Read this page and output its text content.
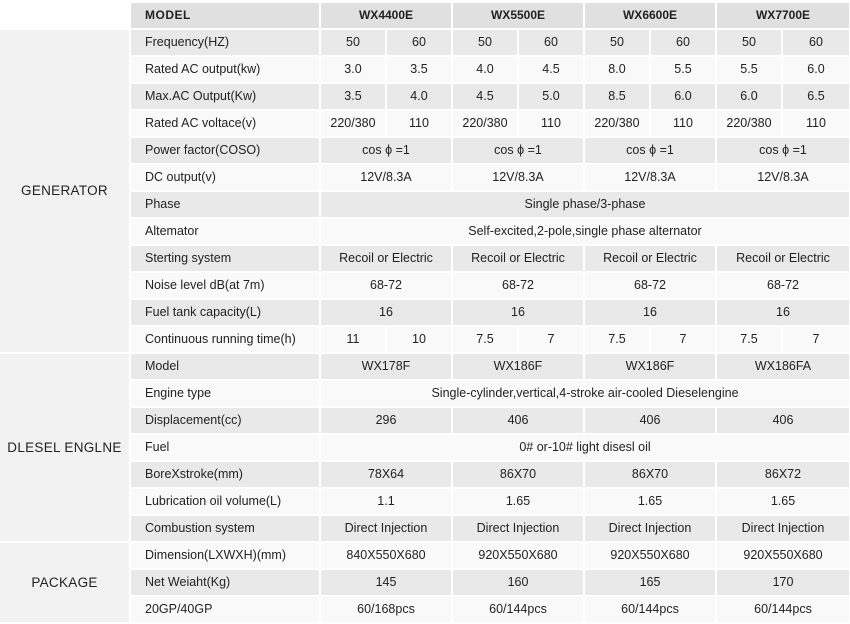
	MODEL	WX4400E		WX5500E		WX6600E		WX7700E	
GENERATOR	Frequency(HZ)	50	60	50	60	50	60	50	60
	Rated AC output(kw)	3.0	3.5	4.0	4.5	8.0	5.5	5.5	6.0
	Max.AC Output(Kw)	3.5	4.0	4.5	5.0	8.5	6.0	6.0	6.5
	Rated AC voltace(v)	220/380	110	220/380	110	220/380	110	220/380	110
	Power factor(COSO)	cos ϕ =1		cos ϕ =1		cos ϕ =1		cos ϕ =1	
	DC output(v)	12V/8.3A		12V/8.3A		12V/8.3A		12V/8.3A	
	Phase	Single phase/3-phase							
	Altemator	Self-excited,2-pole,single phase alternator							
	Sterting system	Recoil or Electric		Recoil or Electric		Recoil or Electric		Recoil or Electric	
	Noise level dB(at 7m)	68-72		68-72		68-72		68-72	
	Fuel tank capacity(L)	16		16		16		16	
	Continuous running time(h)	11	10	7.5	7	7.5	7	7.5	7
DLESEL ENGLNE	Model	WX178F		WX186F		WX186F		WX186FA	
	Engine type	Single-cylinder,vertical,4-stroke air-cooled Dieselengine							
	Displacement(cc)	296		406		406		406	
	Fuel	0# or-10# light disesl oil							
	BoreXstroke(mm)	78X64		86X70		86X70		86X72	
	Lubrication oil volume(L)	1.1		1.65		1.65		1.65	
	Combustion system	Direct Injection		Direct Injection		Direct Injection		Direct Injection	
PACKAGE	Dimension(LXWXH)(mm)	840X550X680		920X550X680		920X550X680		920X550X680	
	Net Weiaht(Kg)	145		160		165		170	
	20GP/40GP	60/168pcs		60/144pcs		60/144pcs		60/144pcs	
